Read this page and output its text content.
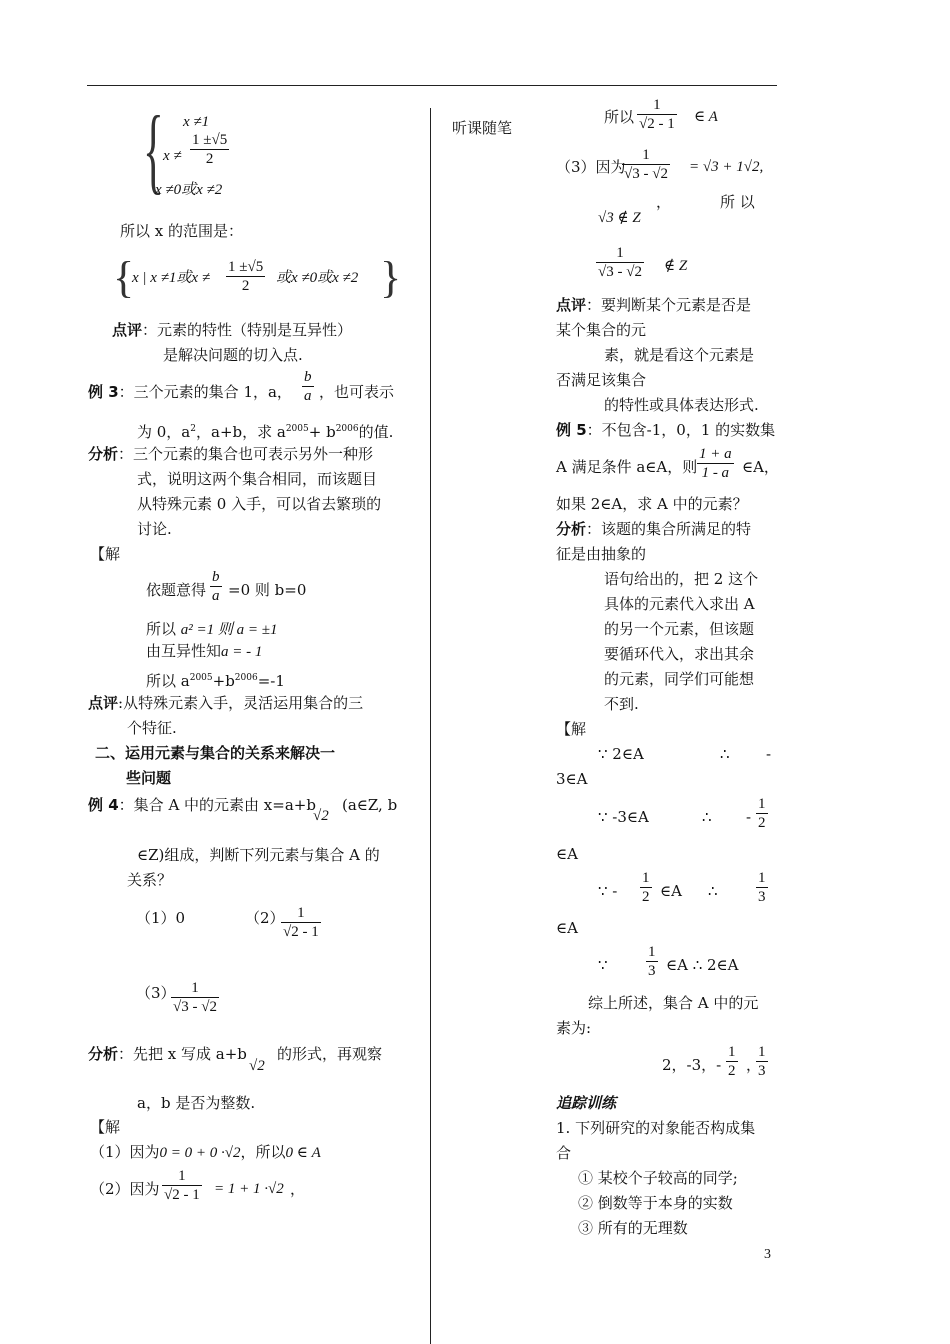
{ x ≠1
$x \ne \frac{1 \pm√5}{2}$
x ≠0或x ≠2
所以 x 的范围是：
{
x | x ≠1或$x \ne \frac{1 \pm√5}{2}$ 或x ≠0或x ≠2 }
点评：元素的特性（特别是互异性）
是解决问题的切入点.
例 3：三个元素的集合 1，a， $\frac{b}{a}$ ，也可表示
为 0，$a^2$，a+b，求 $a^{2005}+ b^{2006}$的值.
分析：三个元素的集合也可表示另外一种形
式，说明这两个集合相同，而该题目
从特殊元素 0 入手，可以省去繁琐的
讨论.
【解
依题意得 $\frac{b}{a} =0$ 则 b=0
所以 a² =1 则 a = ±1
由互异性知a = - 1
所以 $a^{2005}+b^{2006}=-1$
点评:从特殊元素入手，灵活运用集合的三
个特征.
二、运用元素与集合的关系来解决一
些问题
例 4：集合 A 中的元素由 x=a+b
√2
(a∈Z, b
∈Z)组成，判断下列元素与集合 A 的
关系？
（1）0	（2）
$\frac{1}{√2 - 1}$
（3）
$\frac{1}{√3 - √2}$
分析：先把 x 写成 a+b
√2
的形式，再观察
a，b 是否为整数.
【解
（1）因为0 = 0 + 0 ·√2，所以0 ∈ A
（2）因为 $\frac{1}{√2 - 1} = 1 + 1 \cdot√2$ ，
听课随笔
所以 $\frac{1}{√2 - 1}$ ∈ A
（3）因为
$\frac{1}{√3 - √2} = √3 + 1√2$,
，	所 以
√3 ∉ Z
$\frac{1}{√3 - √2}$ ∉ Z
点评：要判断某个元素是否是
某个集合的元
素，就是看这个元素是
否满足该集合
的特性或具体表达形式.
例 5：不包含-1，0，1 的实数集
A 满足条件 a∈A，则 $\frac{1 + a}{1 - a}$ ∈A，
如果 2∈A，求 A 中的元素？
分析：该题的集合所满足的特
征是由抽象的
语句给出的，把 2 这个
具体的元素代入求出 A
的另一个元素，但该题
要循环代入，求出其余
的元素，同学们可能想
不到.
【解
∵ 2∈A	∴ -
3∈A
∵ -3∈A	∴ - $\frac{1}{2}$
∈A
∵ - $\frac{1}{2}$ ∈A ∴	$\frac{1}{3}$
∈A
∵	$\frac{1}{3}$ ∈A ∴ 2∈A
综上所述，集合 A 中的元
素为:
2，-3，- $\frac{1}{2}$ ，
$\frac{1}{3}$
追踪训练
1. 下列研究的对象能否构成集
合
① 某校个子较高的同学;
② 倒数等于本身的实数
③ 所有的无理数
3
